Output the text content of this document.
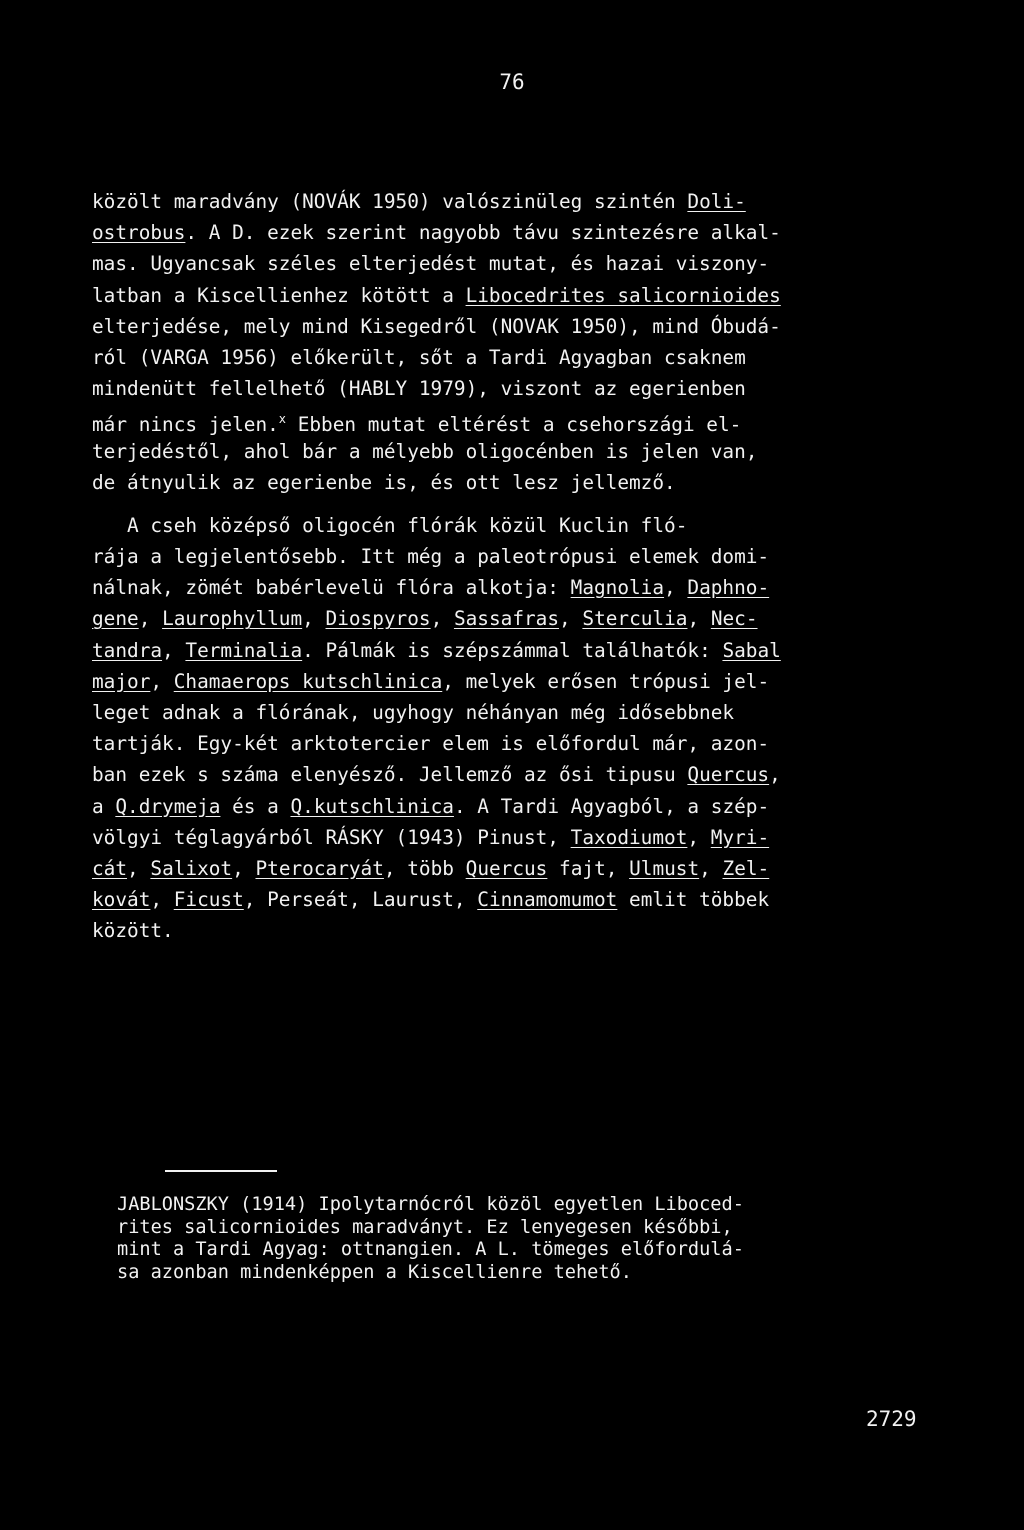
76
közölt maradvány (NOVÁK 1950) valószinüleg szintén Doli-
ostrobus. A D. ezek szerint nagyobb távu szintezésre alkal-
mas. Ugyancsak széles elterjedést mutat, és hazai viszony-
latban a Kiscellienhez kötött a Libocedrites salicornioides
elterjedése, mely mind Kisegedről (NOVAK 1950), mind Óbudá-
ról (VARGA 1956) előkerült, sőt a Tardi Agyagban csaknem
mindenütt fellelhető (HABLY 1979), viszont az egerienben
már nincs jelen.$^x$ Ebben mutat eltérést a csehországi el-
terjedéstől, ahol bár a mélyebb oligocénben is jelen van,
de átnyulik az egerienbe is, és ott lesz jellemző.
A cseh középső oligocén flórák közül Kuclin fló-
rája a legjelentősebb. Itt még a paleotrópusi elemek domi-
nálnak, zömét babérlevelü flóra alkotja: Magnolia, Daphno-
gene, Laurophyllum, Diospyros, Sassafras, Sterculia, Nec-
tandra, Terminalia. Pálmák is szépszámmal találhatók: Sabal
major, Chamaerops kutschlinica, melyek erősen trópusi jel-
leget adnak a flórának, ugyhogy néhányan még idősebbnek
tartják. Egy-két arktotercier elem is előfordul már, azon-
ban ezek s száma elenyésző. Jellemző az ősi tipusu Quercus,
a Q.drymeja és a Q.kutschlinica. A Tardi Agyagból, a szép-
völgyi téglagyárból RÁSKY (1943) Pinust, Taxodiumot, Myri-
cát, Salixot, Pterocaryát, több Quercus fajt, Ulmust, Zel-
kovát, Ficust, Perseát, Laurust, Cinnamomumot emlit többek
között.
JABLONSZKY (1914) Ipolytarnócról közöl egyetlen Liboced-
rites salicornioides maradványt. Ez lenyegesen későbbi,
mint a Tardi Agyag: ottnangien. A L. tömeges előfordulá-
sa azonban mindenképpen a Kiscellienre tehető.
2729
